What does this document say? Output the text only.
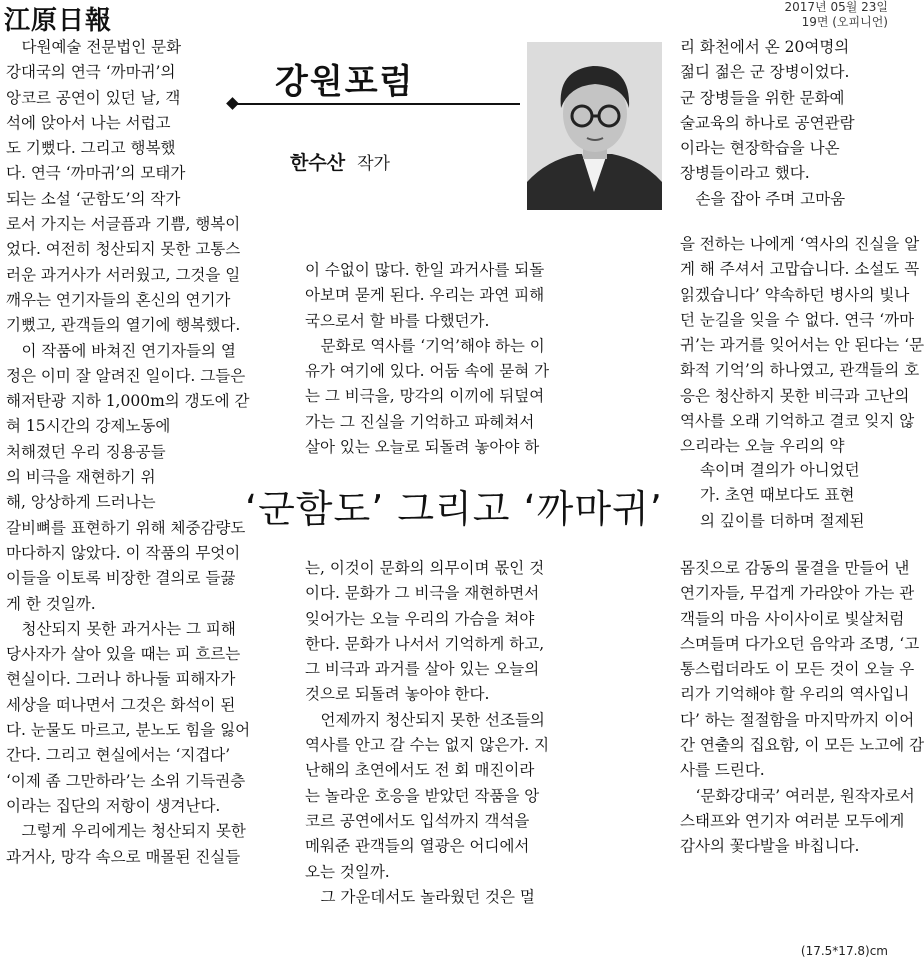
江原日報	2017년 05월 23일
19면 (오피니언)
강원포럼
한수산 작가
‘군함도’ 그리고 ‘까마귀’
　다원예술 전문법인 문화
강대국의 연극 ‘까마귀’의
앙코르 공연이 있던 날, 객
석에 앉아서 나는 서럽고
도 기뻤다. 그리고 행복했
다. 연극 ‘까마귀’의 모태가
되는 소설 ‘군함도’의 작가
로서 가지는 서글픔과 기쁨, 행복이
었다. 여전히 청산되지 못한 고통스
러운 과거사가 서러웠고, 그것을 일
깨우는 연기자들의 혼신의 연기가
기뻤고, 관객들의 열기에 행복했다.
　이 작품에 바쳐진 연기자들의 열
정은 이미 잘 알려진 일이다. 그들은
해저탄광 지하 1,000m의 갱도에 갇
혀 15시간의 강제노동에
처해졌던 우리 징용공들
의 비극을 재현하기 위
해, 앙상하게 드러나는
갈비뼈를 표현하기 위해 체중감량도
마다하지 않았다. 이 작품의 무엇이
이들을 이토록 비장한 결의로 들끓
게 한 것일까.
　청산되지 못한 과거사는 그 피해
당사자가 살아 있을 때는 피 흐르는
현실이다. 그러나 하나둘 피해자가
세상을 떠나면서 그것은 화석이 된
다. 눈물도 마르고, 분노도 힘을 잃어
간다. 그리고 현실에서는 ‘지겹다’
‘이제 좀 그만하라’는 소위 기득권층
이라는 집단의 저항이 생겨난다.
　그렇게 우리에게는 청산되지 못한
과거사, 망각 속으로 매몰된 진실들
이 수없이 많다. 한일 과거사를 되돌
아보며 묻게 된다. 우리는 과연 피해
국으로서 할 바를 다했던가.
　문화로 역사를 ‘기억’해야 하는 이
유가 여기에 있다. 어둠 속에 묻혀 가
는 그 비극을, 망각의 이끼에 뒤덮여
가는 그 진실을 기억하고 파헤쳐서
살아 있는 오늘로 되돌려 놓아야 하
는, 이것이 문화의 의무이며 몫인 것
이다. 문화가 그 비극을 재현하면서
잊어가는 오늘 우리의 가슴을 쳐야
한다. 문화가 나서서 기억하게 하고,
그 비극과 과거를 살아 있는 오늘의
것으로 되돌려 놓아야 한다.
　언제까지 청산되지 못한 선조들의
역사를 안고 갈 수는 없지 않은가. 지
난해의 초연에서도 전 회 매진이라
는 놀라운 호응을 받았던 작품을 앙
코르 공연에서도 입석까지 객석을
메워준 관객들의 열광은 어디에서
오는 것일까.
　그 가운데서도 놀라웠던 것은 멀
리 화천에서 온 20여명의
젊디 젊은 군 장병이었다.
군 장병들을 위한 문화예
술교육의 하나로 공연관람
이라는 현장학습을 나온
장병들이라고 했다.
　손을 잡아 주며 고마움
을 전하는 나에게 ‘역사의 진실을 알
게 해 주셔서 고맙습니다. 소설도 꼭
읽겠습니다’ 약속하던 병사의 빛나
던 눈길을 잊을 수 없다. 연극 ‘까마
귀’는 과거를 잊어서는 안 된다는 ‘문
화적 기억’의 하나였고, 관객들의 호
응은 청산하지 못한 비극과 고난의
역사를 오래 기억하고 결코 잊지 않
으리라는 오늘 우리의 약
속이며 결의가 아니었던
가. 초연 때보다도 표현
의 깊이를 더하며 절제된
몸짓으로 감동의 물결을 만들어 낸
연기자들, 무겁게 가라앉아 가는 관
객들의 마음 사이사이로 빛살처럼
스며들며 다가오던 음악과 조명, ‘고
통스럽더라도 이 모든 것이 오늘 우
리가 기억해야 할 우리의 역사입니
다’ 하는 절절함을 마지막까지 이어
간 연출의 집요함, 이 모든 노고에 감
사를 드린다.
　‘문화강대국’ 여러분, 원작자로서
스태프와 연기자 여러분 모두에게
감사의 꽃다발을 바칩니다.
(17.5*17.8)cm
